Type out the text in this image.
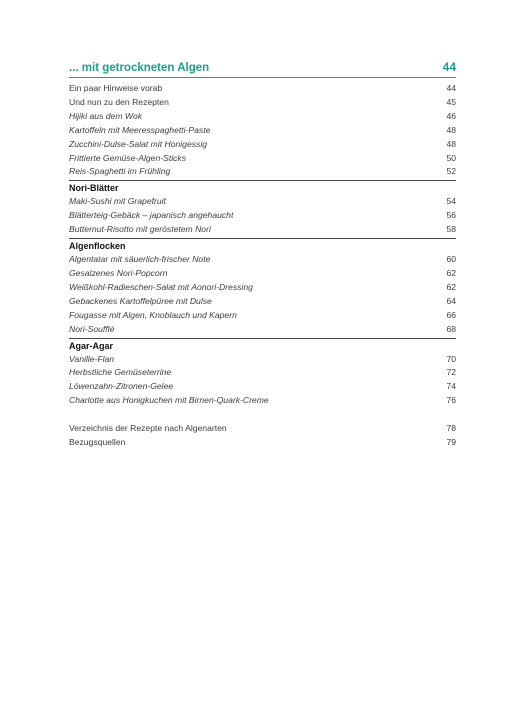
... mit getrockneten Algen	44
Ein paar Hinweise vorab	44
Und nun zu den Rezepten	45
Hijiki aus dem Wok	46
Kartoffeln mit Meeresspaghetti-Paste	48
Zucchini-Dulse-Salat mit Honigessig	48
Frittierte Gemüse-Algen-Sticks	50
Reis-Spaghetti im Frühling	52
Nori-Blätter
Maki-Sushi mit Grapefruit	54
Blätterteig-Gebäck – japanisch angehaucht	56
Butternut-Risotto mit geröstetem Nori	58
Algenflocken
Algentatar mit säuerlich-frischer Note	60
Gesalzenes Nori-Popcorn	62
Weißkohl-Radieschen-Salat mit Aonori-Dressing	62
Gebackenes Kartoffelpüree mit Dulse	64
Fougasse mit Algen, Knoblauch und Kapern	66
Nori-Soufflé	68
Agar-Agar
Vanille-Flan	70
Herbstliche Gemüseterrine	72
Löwenzahn-Zitronen-Gelee	74
Charlotte aus Honigkuchen mit Birnen-Quark-Creme	76
Verzeichnis der Rezepte nach Algenarten	78
Bezugsquellen	79
